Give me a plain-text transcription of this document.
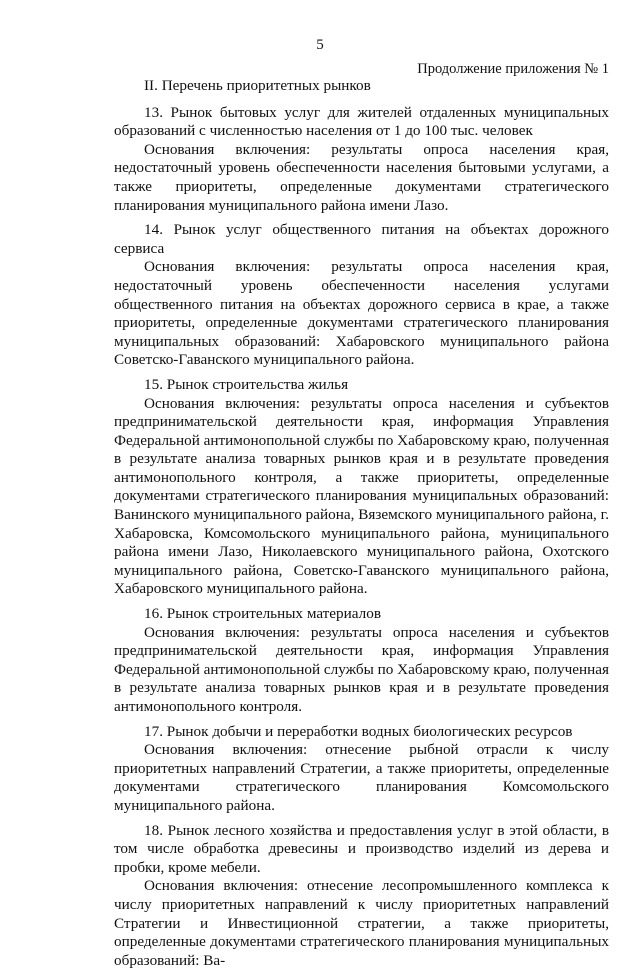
5
Продолжение приложения № 1

II. Перечень приоритетных рынков

13. Рынок бытовых услуг для жителей отдаленных муниципальных образований с численностью населения от 1 до 100 тыс. человек

Основания включения: результаты опроса населения края, недостаточный уровень обеспеченности населения бытовыми услугами, а также приоритеты, определенные документами стратегического планирования муниципального района имени Лазо.

14. Рынок услуг общественного питания на объектах дорожного сервиса

Основания включения: результаты опроса населения края, недостаточный уровень обеспеченности населения услугами общественного питания на объектах дорожного сервиса в крае, а также приоритеты, определенные документами стратегического планирования муниципальных образований: Хабаровского муниципального района Советско-Гаванского муниципального района.

15. Рынок строительства жилья

Основания включения: результаты опроса населения и субъектов предпринимательской деятельности края, информация Управления Федеральной антимонопольной службы по Хабаровскому краю, полученная в результате анализа товарных рынков края и в результате проведения антимонопольного контроля, а также приоритеты, определенные документами стратегического планирования муниципальных образований: Ванинского муниципального района, Вяземского муниципального района, г. Хабаровска, Комсомольского муниципального района, муниципального района имени Лазо, Николаевского муниципального района, Охотского муниципального района, Советско-Гаванского муниципального района, Хабаровского муниципального района.

16. Рынок строительных материалов

Основания включения: результаты опроса населения и субъектов предпринимательской деятельности края, информация Управления Федеральной антимонопольной службы по Хабаровскому краю, полученная в результате анализа товарных рынков края и в результате проведения антимонопольного контроля.

17. Рынок добычи и переработки водных биологических ресурсов

Основания включения: отнесение рыбной отрасли к числу приоритетных направлений Стратегии, а также приоритеты, определенные документами стратегического планирования Комсомольского муниципального района.

18. Рынок лесного хозяйства и предоставления услуг в этой области, в том числе обработка древесины и производство изделий из дерева и пробки, кроме мебели.

Основания включения: отнесение лесопромышленного комплекса к числу приоритетных направлений к числу приоритетных направлений Стратегии и Инвестиционной стратегии, а также приоритеты, определенные документами стратегического планирования муниципальных образований: Ва-
